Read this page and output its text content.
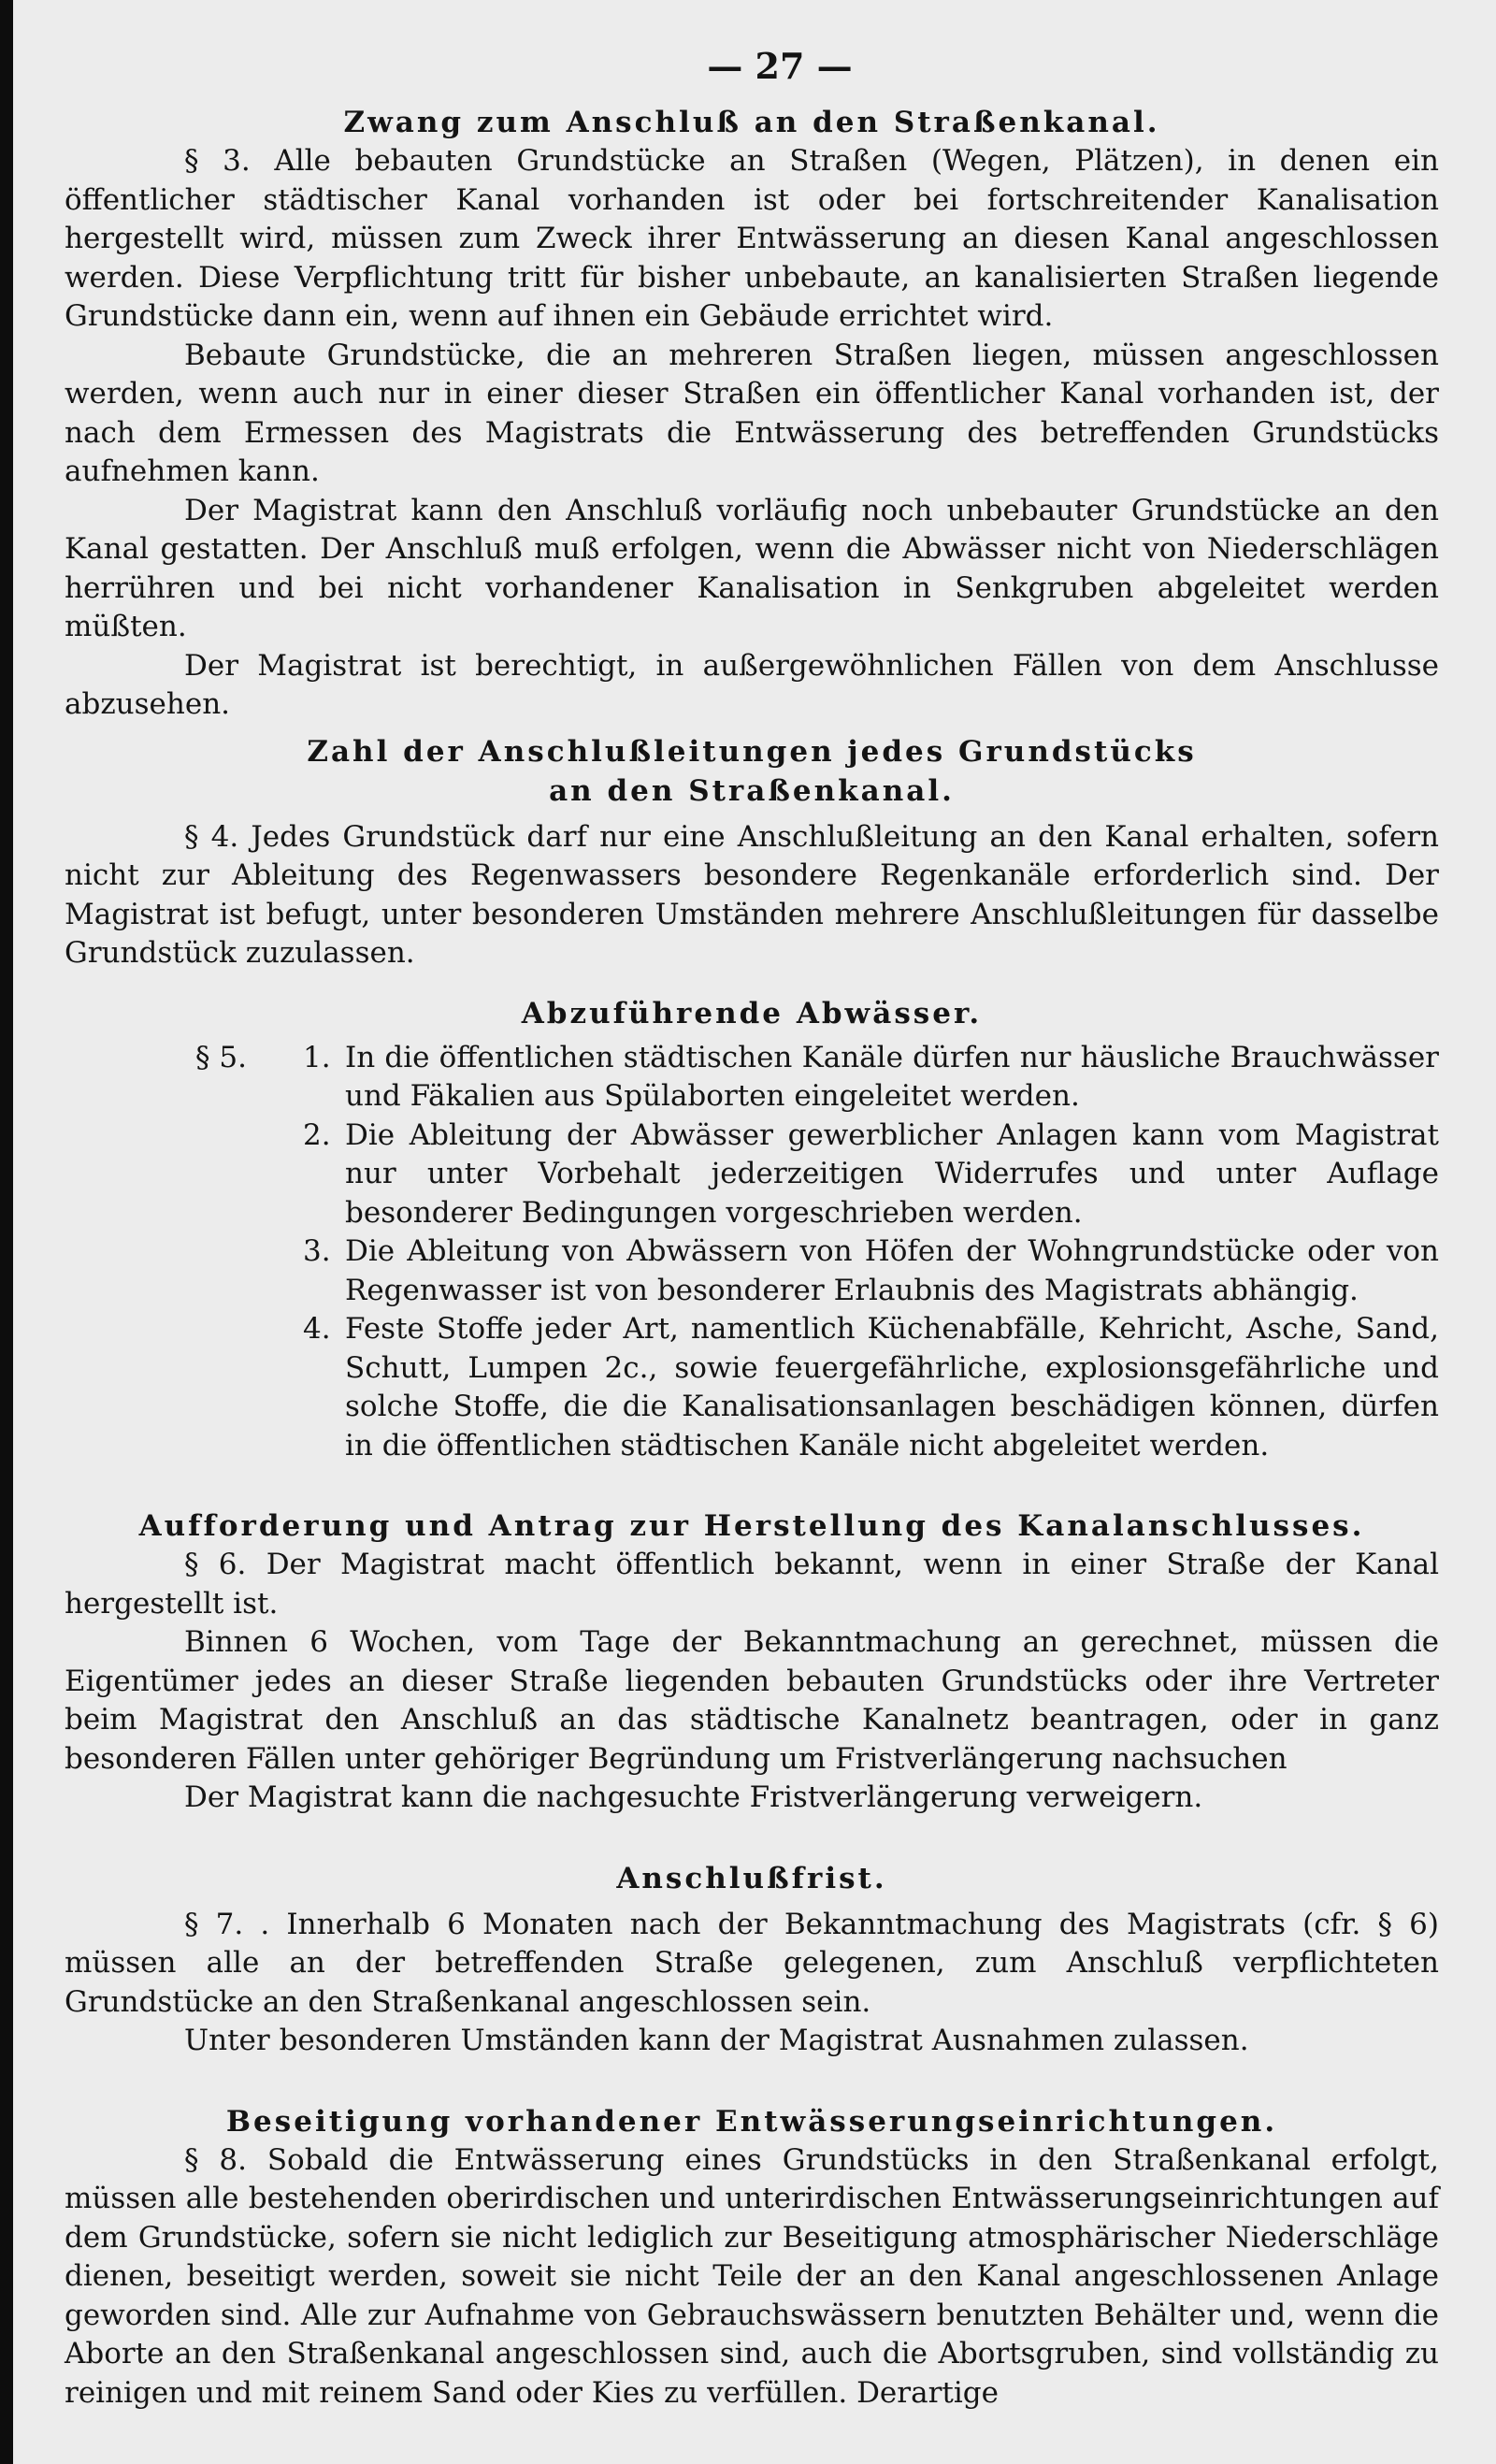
— 27 —
Zwang zum Anschluß an den Straßenkanal.

§ 3. Alle bebauten Grundstücke an Straßen (Wegen, Plätzen), in denen ein öffentlicher städtischer Kanal vorhanden ist oder bei fortschreitender Kanalisation hergestellt wird, müssen zum Zweck ihrer Entwässerung an diesen Kanal angeschlossen werden. Diese Verpflichtung tritt für bisher unbebaute, an kanalisierten Straßen liegende Grundstücke dann ein, wenn auf ihnen ein Gebäude errichtet wird.

Bebaute Grundstücke, die an mehreren Straßen liegen, müssen angeschlossen werden, wenn auch nur in einer dieser Straßen ein öffentlicher Kanal vorhanden ist, der nach dem Ermessen des Magistrats die Entwässerung des betreffenden Grundstücks aufnehmen kann.

Der Magistrat kann den Anschluß vorläufig noch unbebauter Grundstücke an den Kanal gestatten. Der Anschluß muß erfolgen, wenn die Abwässer nicht von Niederschlägen herrühren und bei nicht vorhandener Kanalisation in Senkgruben abgeleitet werden müßten.

Der Magistrat ist berechtigt, in außergewöhnlichen Fällen von dem Anschlusse abzusehen.

Zahl der Anschlußleitungen jedes Grundstücks
an den Straßenkanal.

§ 4. Jedes Grundstück darf nur eine Anschlußleitung an den Kanal erhalten, sofern nicht zur Ableitung des Regenwassers besondere Regenkanäle erforderlich sind. Der Magistrat ist befugt, unter besonderen Umständen mehrere Anschlußleitungen für dasselbe Grundstück zuzulassen.

Abzuführende Abwässer.
§ 5. 1. In die öffentlichen städtischen Kanäle dürfen nur häusliche Brauchwässer und Fäkalien aus Spülaborten eingeleitet werden.
2. Die Ableitung der Abwässer gewerblicher Anlagen kann vom Magistrat nur unter Vorbehalt jederzeitigen Widerrufes und unter Auflage besonderer Bedingungen vorgeschrieben werden.
3. Die Ableitung von Abwässern von Höfen der Wohngrundstücke oder von Regenwasser ist von besonderer Erlaubnis des Magistrats abhängig.
4. Feste Stoffe jeder Art, namentlich Küchenabfälle, Kehricht, Asche, Sand, Schutt, Lumpen 2c., sowie feuergefährliche, explosionsgefährliche und solche Stoffe, die die Kanalisationsanlagen beschädigen können, dürfen in die öffentlichen städtischen Kanäle nicht abgeleitet werden.
Aufforderung und Antrag zur Herstellung des Kanalanschlusses.

§ 6. Der Magistrat macht öffentlich bekannt, wenn in einer Straße der Kanal hergestellt ist.

Binnen 6 Wochen, vom Tage der Bekanntmachung an gerechnet, müssen die Eigentümer jedes an dieser Straße liegenden bebauten Grundstücks oder ihre Vertreter beim Magistrat den Anschluß an das städtische Kanalnetz beantragen, oder in ganz besonderen Fällen unter gehöriger Begründung um Fristverlängerung nachsuchen

Der Magistrat kann die nachgesuchte Fristverlängerung verweigern.

Anschlußfrist.

§ 7. . Innerhalb 6 Monaten nach der Bekanntmachung des Magistrats (cfr. § 6) müssen alle an der betreffenden Straße gelegenen, zum Anschluß verpflichteten Grundstücke an den Straßenkanal angeschlossen sein.

Unter besonderen Umständen kann der Magistrat Ausnahmen zulassen.

Beseitigung vorhandener Entwässerungseinrichtungen.

§ 8. Sobald die Entwässerung eines Grundstücks in den Straßenkanal erfolgt, müssen alle bestehenden oberirdischen und unterirdischen Entwässerungseinrichtungen auf dem Grundstücke, sofern sie nicht lediglich zur Beseitigung atmosphärischer Niederschläge dienen, beseitigt werden, soweit sie nicht Teile der an den Kanal angeschlossenen Anlage geworden sind. Alle zur Aufnahme von Gebrauchswässern benutzten Behälter und, wenn die Aborte an den Straßenkanal angeschlossen sind, auch die Abortsgruben, sind vollständig zu reinigen und mit reinem Sand oder Kies zu verfüllen. Derartige
